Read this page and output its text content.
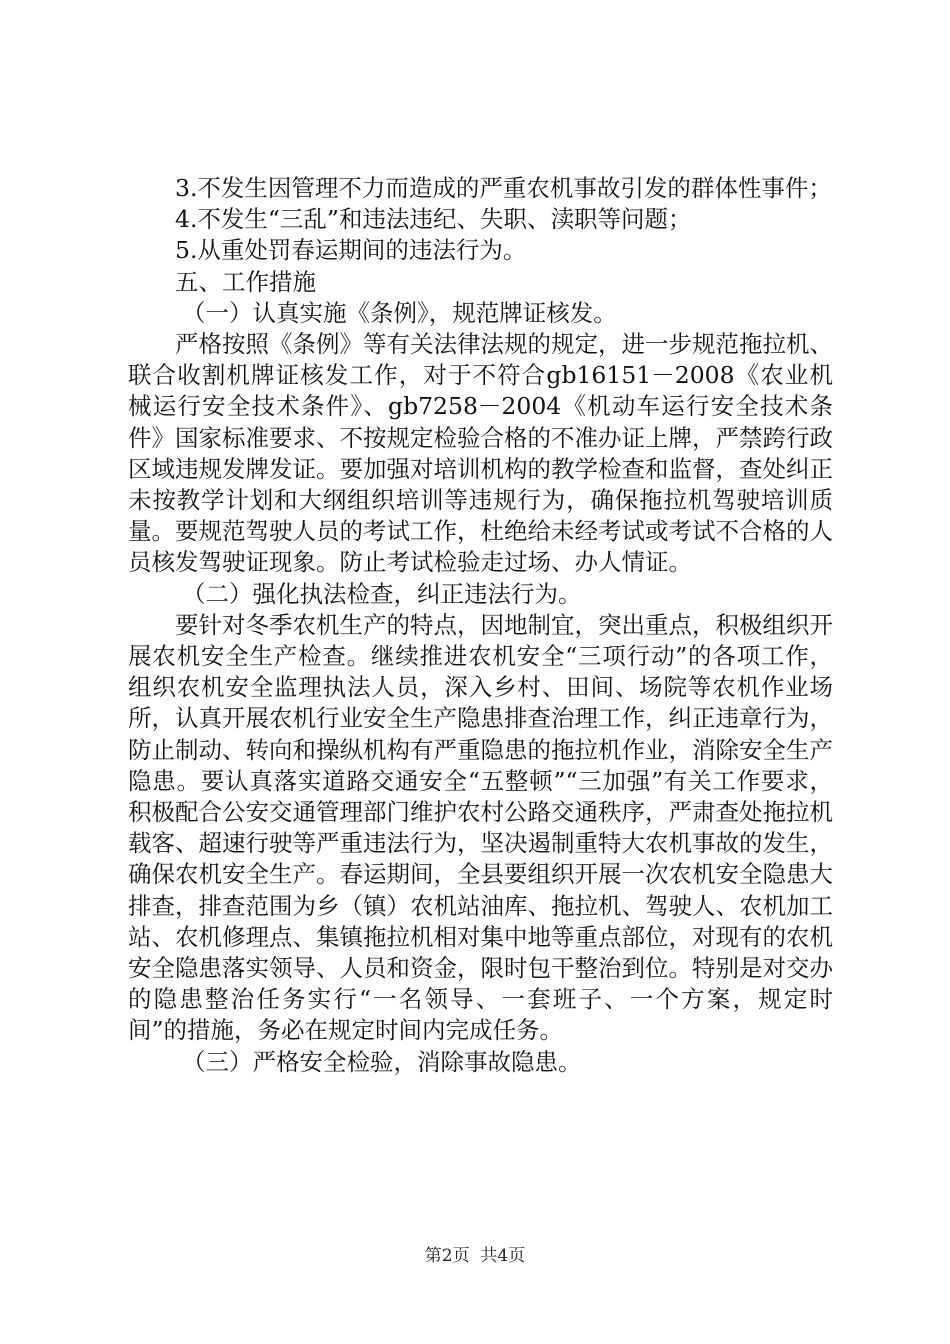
3.不发生因管理不力而造成的严重农机事故引发的群体性事件；

4.不发生“三乱”和违法违纪、失职、渎职等问题；

5.从重处罚春运期间的违法行为。

五、工作措施

（一）认真实施《条例》，规范牌证核发。

严格按照《条例》等有关法律法规的规定，进一步规范拖拉机、联合收割机牌证核发工作，对于不符合gb16151－2008《农业机械运行安全技术条件》、gb7258－2004《机动车运行安全技术条件》国家标准要求、不按规定检验合格的不准办证上牌，严禁跨行政区域违规发牌发证。要加强对培训机构的教学检查和监督，查处纠正未按教学计划和大纲组织培训等违规行为，确保拖拉机驾驶培训质量。要规范驾驶人员的考试工作，杜绝给未经考试或考试不合格的人员核发驾驶证现象。防止考试检验走过场、办人情证。

（二）强化执法检查，纠正违法行为。

要针对冬季农机生产的特点，因地制宜，突出重点，积极组织开展农机安全生产检查。继续推进农机安全“三项行动”的各项工作，组织农机安全监理执法人员，深入乡村、田间、场院等农机作业场所，认真开展农机行业安全生产隐患排查治理工作，纠正违章行为，防止制动、转向和操纵机构有严重隐患的拖拉机作业，消除安全生产隐患。要认真落实道路交通安全“五整顿”“三加强”有关工作要求，积极配合公安交通管理部门维护农村公路交通秩序，严肃查处拖拉机载客、超速行驶等严重违法行为，坚决遏制重特大农机事故的发生，确保农机安全生产。春运期间，全县要组织开展一次农机安全隐患大排查，排查范围为乡（镇）农机站油库、拖拉机、驾驶人、农机加工站、农机修理点、集镇拖拉机相对集中地等重点部位，对现有的农机安全隐患落实领导、人员和资金，限时包干整治到位。特别是对交办的隐患整治任务实行“一名领导、一套班子、一个方案，规定时间”的措施，务必在规定时间内完成任务。

（三）严格安全检验，消除事故隐患。

第2页  共4页
